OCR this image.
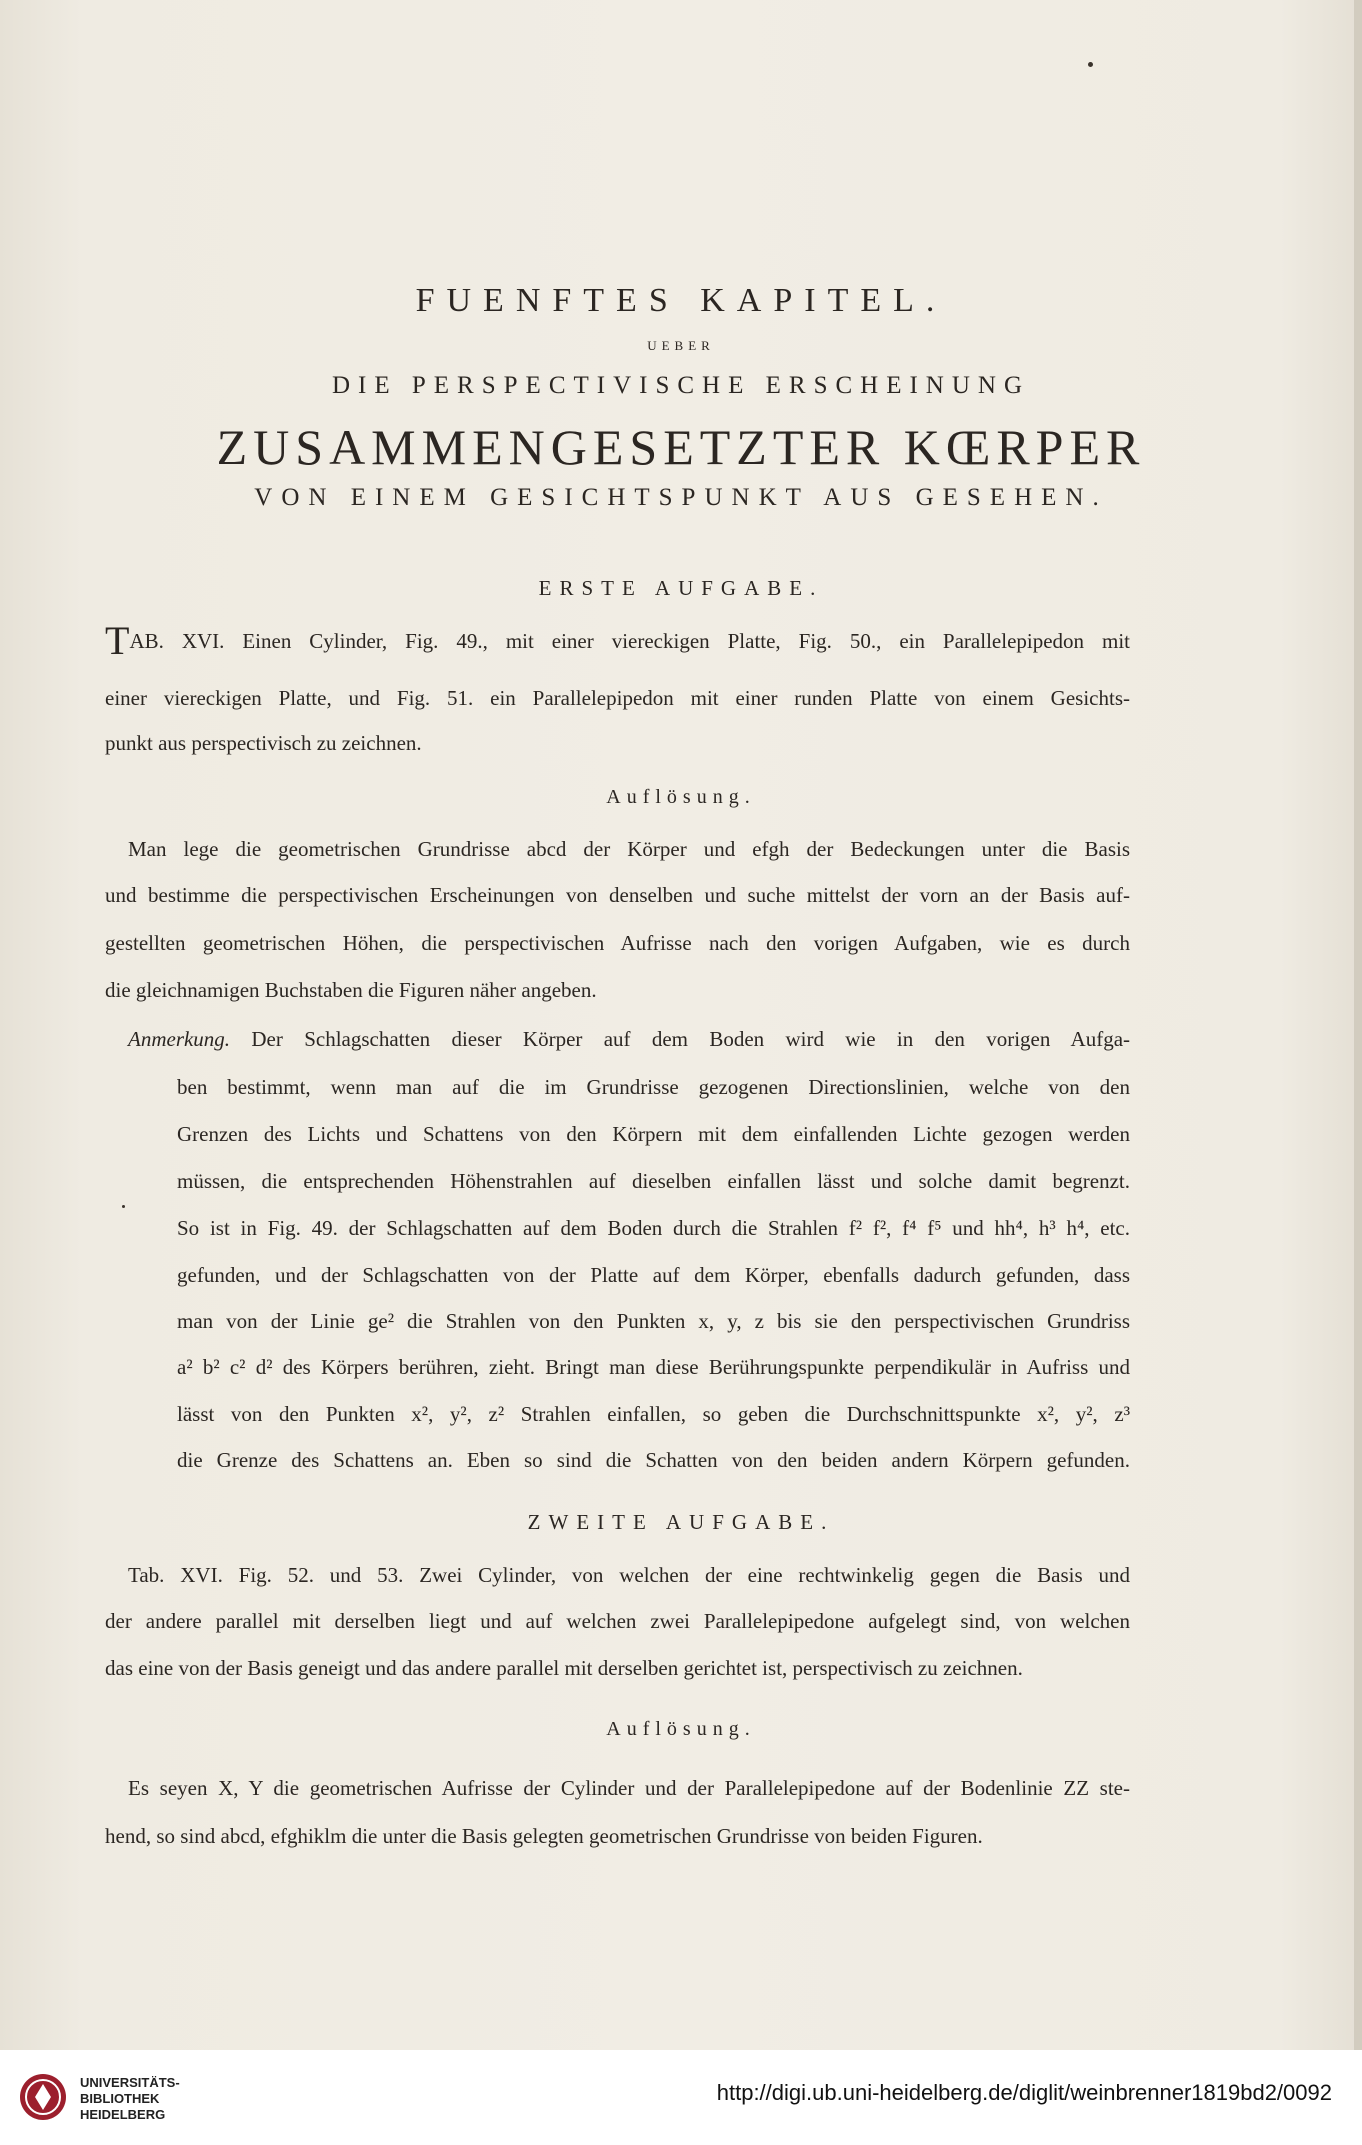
FUENFTES KAPITEL.
UEBER
DIE PERSPECTIVISCHE ERSCHEINUNG
ZUSAMMENGESETZTER KŒRPER
VON EINEM GESICHTSPUNKT AUS GESEHEN.
ERSTE AUFGABE.
TAB. XVI. Einen Cylinder, Fig. 49., mit einer viereckigen Platte, Fig. 50., ein Parallelepipedon mit
einer viereckigen Platte, und Fig. 51. ein Parallelepipedon mit einer runden Platte von einem Gesichts-
punkt aus perspectivisch zu zeichnen.
Auflösung.
Man lege die geometrischen Grundrisse abcd der Körper und efgh der Bedeckungen unter die Basis
und bestimme die perspectivischen Erscheinungen von denselben und suche mittelst der vorn an der Basis auf-
gestellten geometrischen Höhen, die perspectivischen Aufrisse nach den vorigen Aufgaben, wie es durch
die gleichnamigen Buchstaben die Figuren näher angeben.
Anmerkung. Der Schlagschatten dieser Körper auf dem Boden wird wie in den vorigen Aufga-
ben bestimmt, wenn man auf die im Grundrisse gezogenen Directionslinien, welche von den
Grenzen des Lichts und Schattens von den Körpern mit dem einfallenden Lichte gezogen werden
müssen, die entsprechenden Höhenstrahlen auf dieselben einfallen lässt und solche damit begrenzt.
So ist in Fig. 49. der Schlagschatten auf dem Boden durch die Strahlen f² f², f⁴ f⁵ und hh⁴, h³ h⁴, etc.
gefunden, und der Schlagschatten von der Platte auf dem Körper, ebenfalls dadurch gefunden, dass
man von der Linie ge² die Strahlen von den Punkten x, y, z bis sie den perspectivischen Grundriss
a² b² c² d² des Körpers berühren, zieht. Bringt man diese Berührungspunkte perpendikulär in Aufriss und
lässt von den Punkten x², y², z² Strahlen einfallen, so geben die Durchschnittspunkte x², y², z³
die Grenze des Schattens an. Eben so sind die Schatten von den beiden andern Körpern gefunden.
ZWEITE AUFGABE.
Tab. XVI. Fig. 52. und 53. Zwei Cylinder, von welchen der eine rechtwinkelig gegen die Basis und
der andere parallel mit derselben liegt und auf welchen zwei Parallelepipedone aufgelegt sind, von welchen
das eine von der Basis geneigt und das andere parallel mit derselben gerichtet ist, perspectivisch zu zeichnen.
Auflösung.
Es seyen X, Y die geometrischen Aufrisse der Cylinder und der Parallelepipedone auf der Bodenlinie ZZ ste-
hend, so sind abcd, efghiklm die unter die Basis gelegten geometrischen Grundrisse von beiden Figuren.
UNIVERSITÄTS-
BIBLIOTHEK
HEIDELBERG
http://digi.ub.uni-heidelberg.de/diglit/weinbrenner1819bd2/0092
